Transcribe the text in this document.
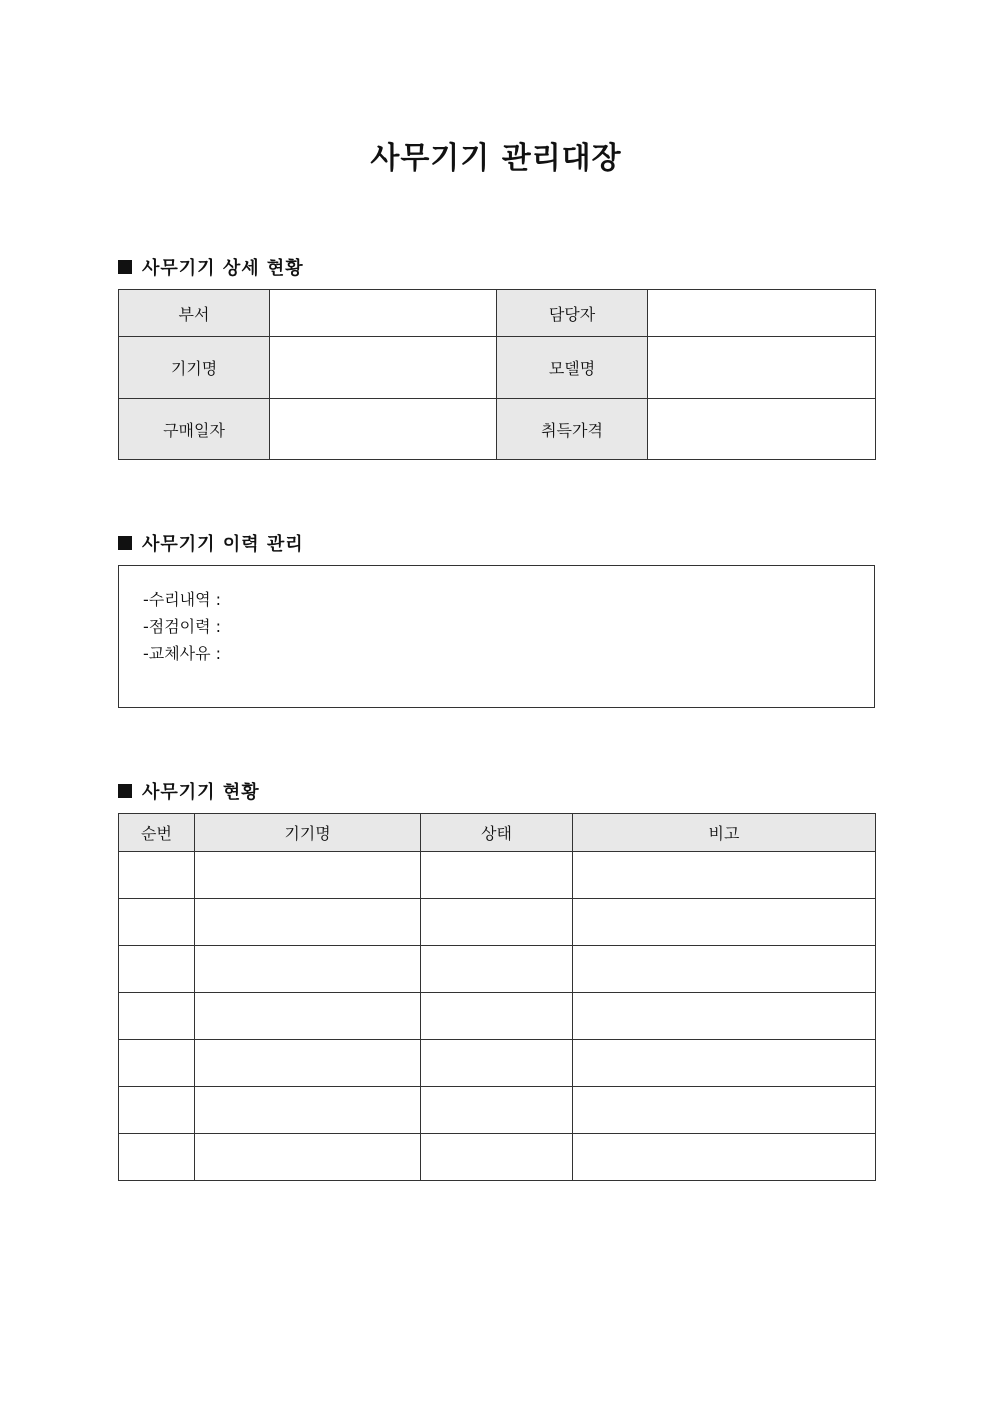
사무기기 관리대장
사무기기 상세 현황
부서		담당자	
기기명		모델명	
구매일자		취득가격	
사무기기 이력 관리
-수리내역 :
-점검이력 :
-교체사유 :
사무기기 현황
순번	기기명	상태	비고
